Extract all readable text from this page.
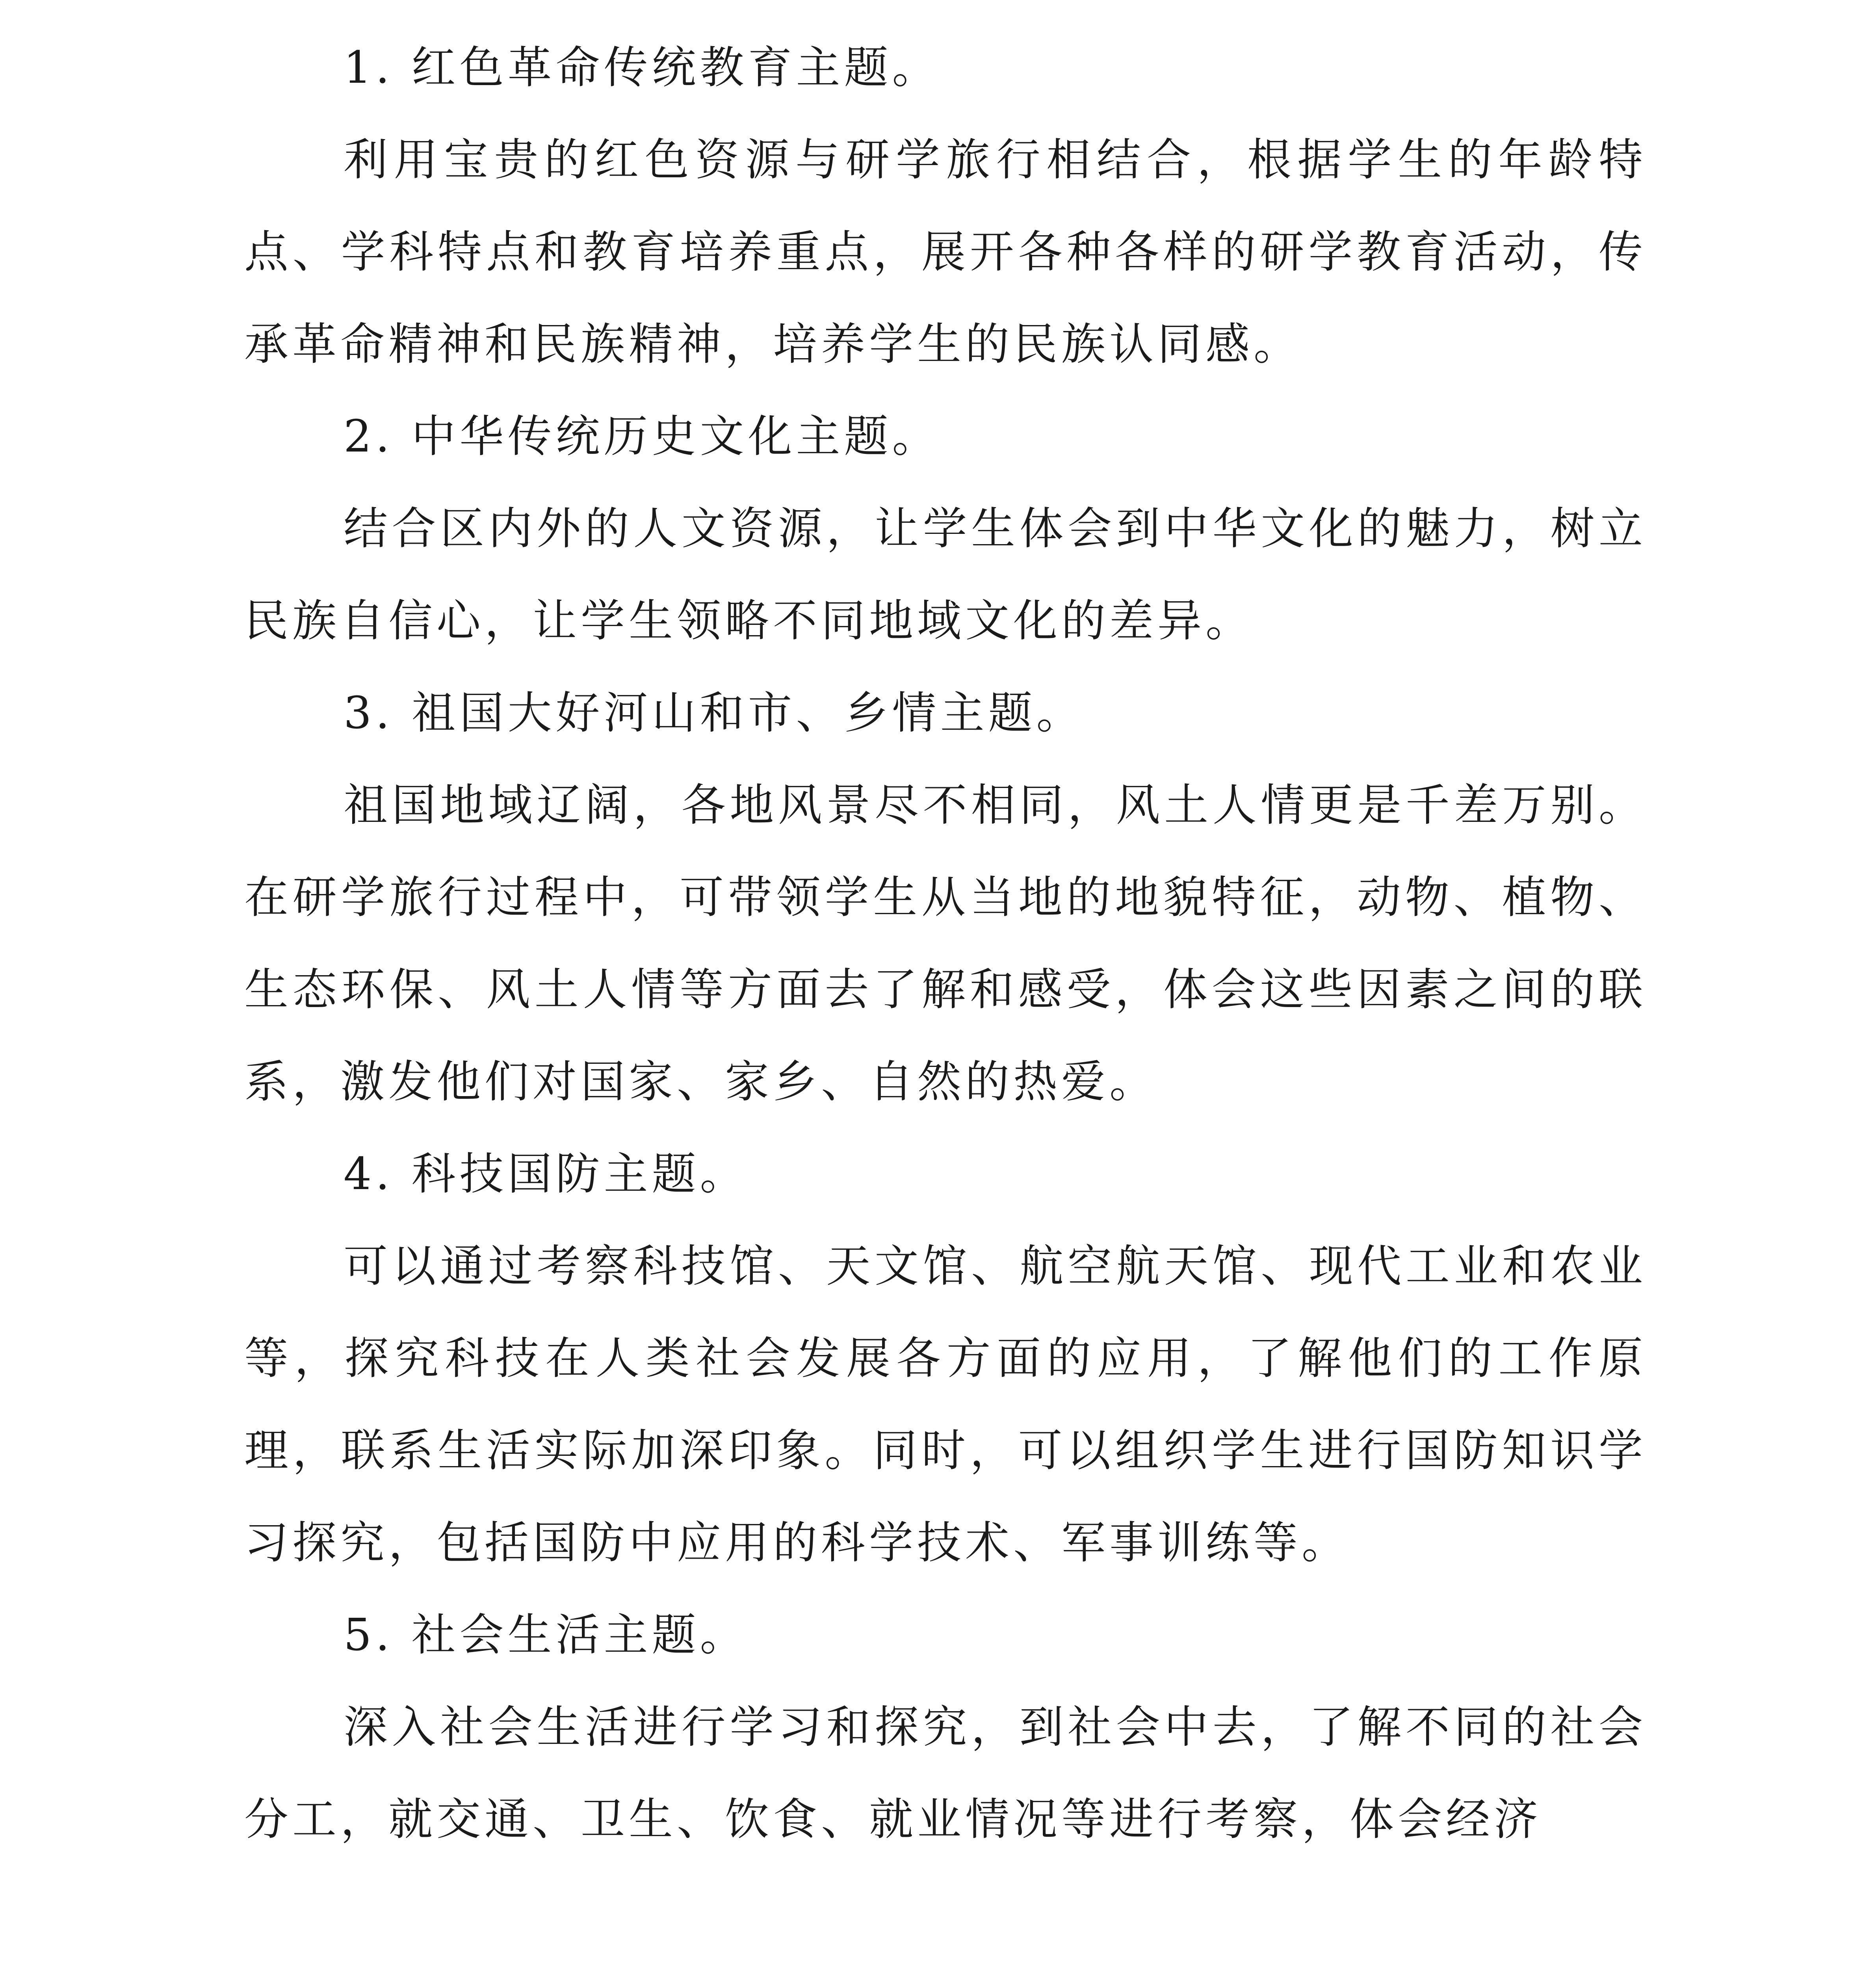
1. 红色革命传统教育主题。

利用宝贵的红色资源与研学旅行相结合，根据学生的年龄特点、学科特点和教育培养重点，展开各种各样的研学教育活动，传承革命精神和民族精神，培养学生的民族认同感。

2. 中华传统历史文化主题。

结合区内外的人文资源，让学生体会到中华文化的魅力，树立民族自信心，让学生领略不同地域文化的差异。

3. 祖国大好河山和市、乡情主题。

祖国地域辽阔，各地风景尽不相同，风土人情更是千差万别。在研学旅行过程中，可带领学生从当地的地貌特征，动物、植物、生态环保、风土人情等方面去了解和感受，体会这些因素之间的联系，激发他们对国家、家乡、自然的热爱。

4. 科技国防主题。

可以通过考察科技馆、天文馆、航空航天馆、现代工业和农业等，探究科技在人类社会发展各方面的应用，了解他们的工作原理，联系生活实际加深印象。同时，可以组织学生进行国防知识学习探究，包括国防中应用的科学技术、军事训练等。

5. 社会生活主题。

深入社会生活进行学习和探究，到社会中去，了解不同的社会分工，就交通、卫生、饮食、就业情况等进行考察，体会经济
